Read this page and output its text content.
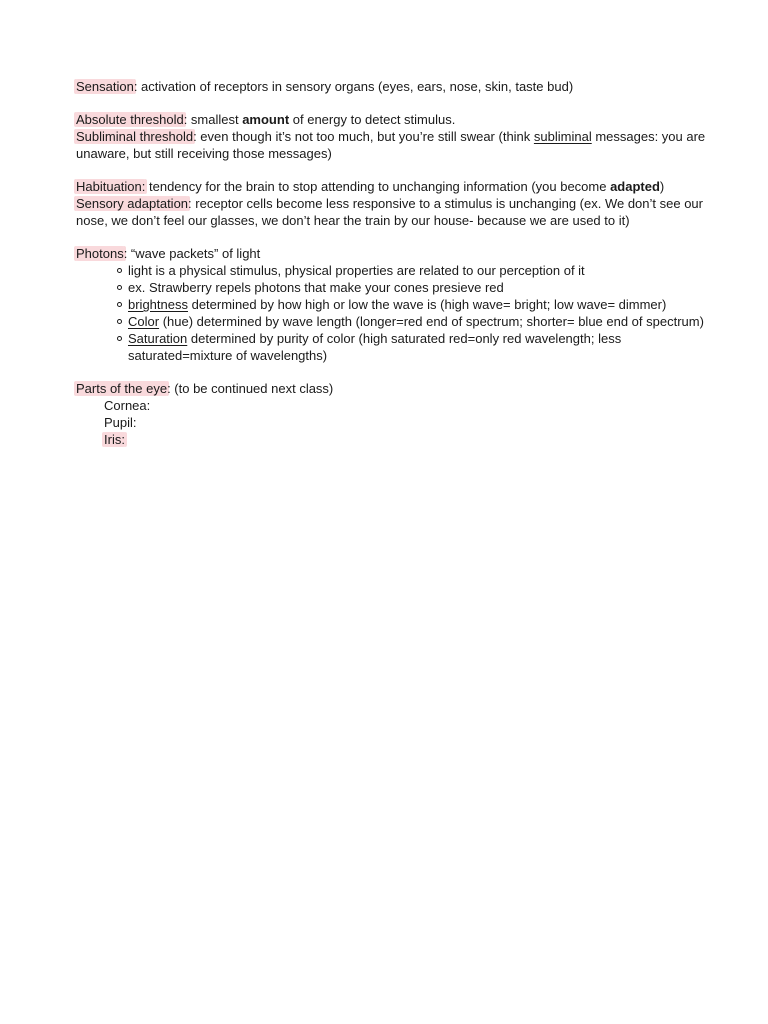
Sensation: activation of receptors in sensory organs (eyes, ears, nose, skin, taste bud)

Absolute threshold: smallest amount of energy to detect stimulus.

Subliminal threshold: even though it’s not too much, but you’re still swear (think subliminal messages: you are unaware, but still receiving those messages)

Habituation: tendency for the brain to stop attending to unchanging information (you become adapted)

Sensory adaptation: receptor cells become less responsive to a stimulus is unchanging (ex. We don’t see our nose, we don’t feel our glasses, we don’t hear the train by our house- because we are used to it)

Photons: “wave packets” of light

light is a physical stimulus, physical properties are related to our perception of it
ex. Strawberry repels photons that make your cones presieve red
brightness determined by how high or low the wave is (high wave= bright; low wave= dimmer)
Color (hue) determined by wave length (longer=red end of spectrum; shorter= blue end of spectrum)
Saturation determined by purity of color (high saturated red=only red wavelength; less saturated=mixture of wavelengths)

Parts of the eye: (to be continued next class)

Cornea:

Pupil:

Iris:
